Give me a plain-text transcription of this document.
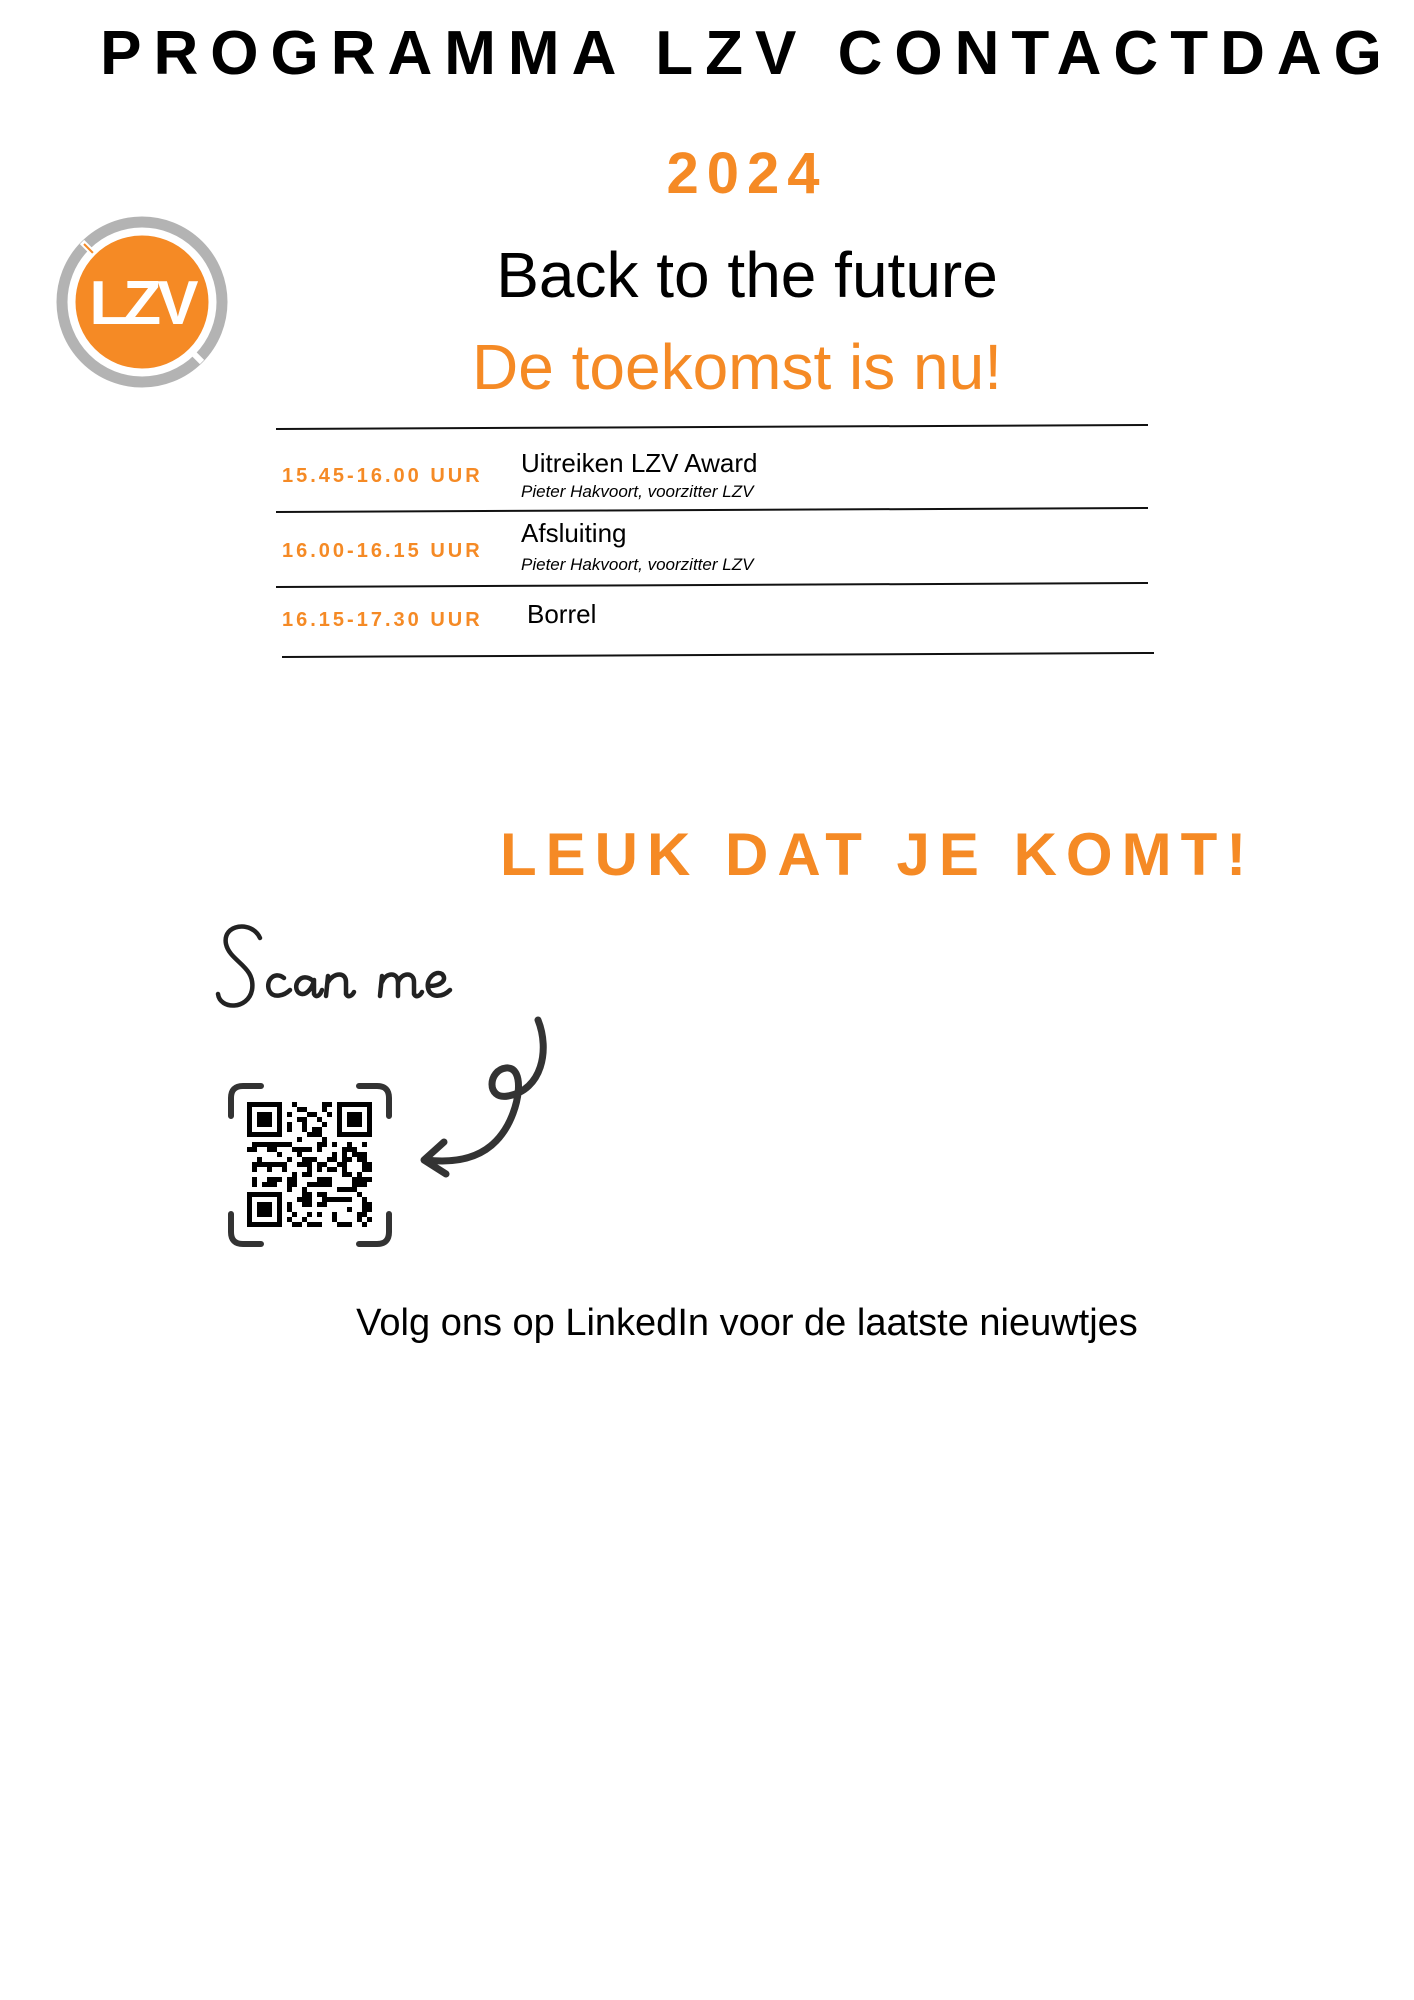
PROGRAMMA LZV CONTACTDAG
2024
LZV	Back to the future
De toekomst is nu!
15.45-16.00 UUR Uitreiken LZV Award
Pieter Hakvoort, voorzitter LZV
16.00-16.15 UUR
Afsluiting
Pieter Hakvoort, voorzitter LZV
16.15-17.30 UUR Borrel
LEUK DAT JE KOMT!
Volg ons op LinkedIn voor de laatste nieuwtjes
